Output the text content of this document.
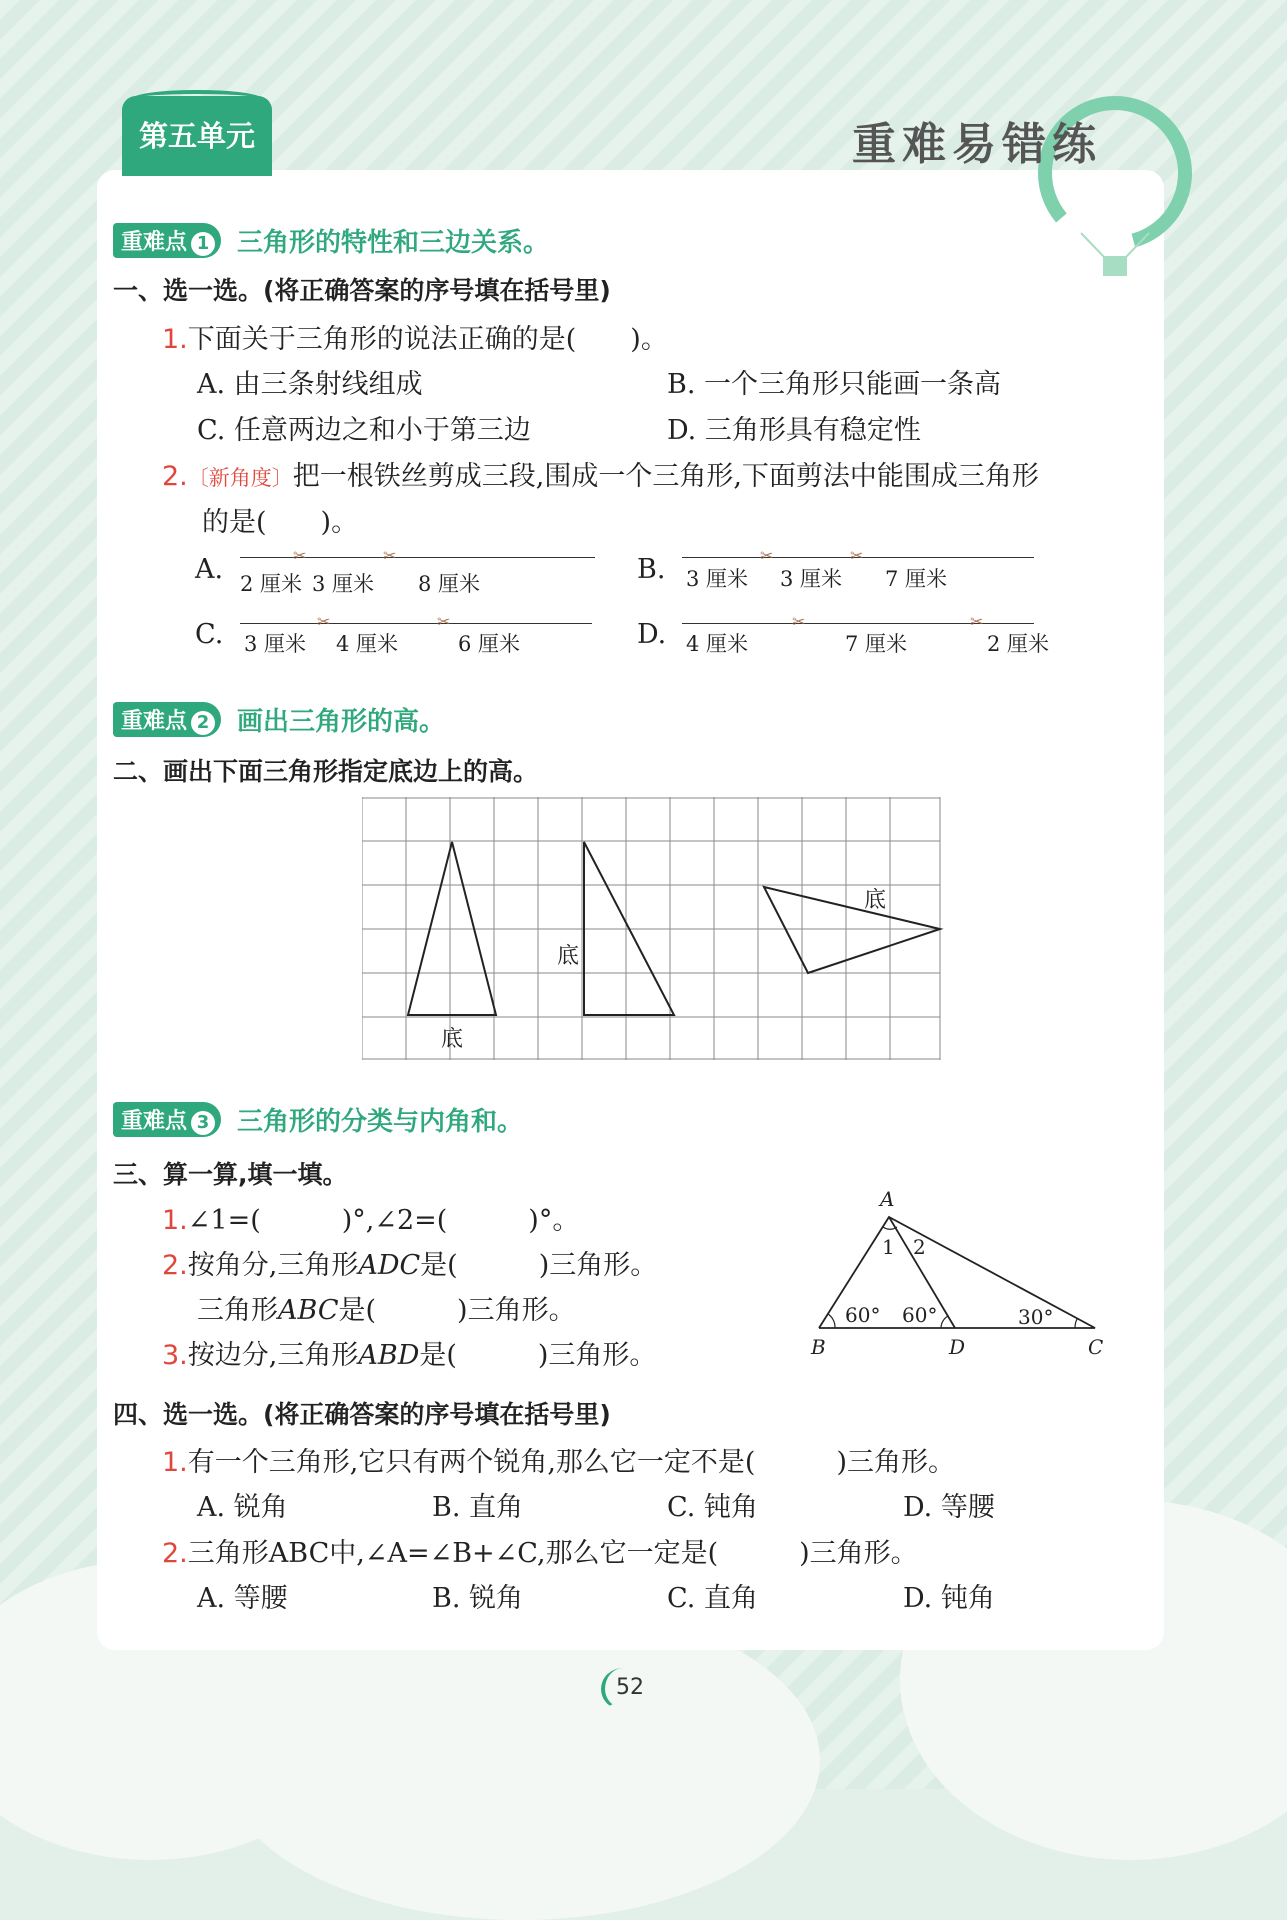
第五单元	重难易错练
重难点 1 三角形的特性和三边关系。
一、选一选。(将正确答案的序号填在括号里)
1.下面关于三角形的说法正确的是(　　)。
A. 由三条射线组成	B. 一个三角形只能画一条高
C. 任意两边之和小于第三边	D. 三角形具有稳定性
2.〔新角度〕把一根铁丝剪成三段,围成一个三角形,下面剪法中能围成三角形
的是(　　)。
A.	✂	✂
2 厘米 3 厘米 8 厘米	B.	✂	✂
3 厘米 3 厘米 7 厘米
C.	✂	✂
3 厘米 4 厘米	6 厘米	D.	✂	✂
4 厘米	7 厘米	2 厘米
重难点 2 画出三角形的高。
二、画出下面三角形指定底边上的高。
底
底
底
重难点 3 三角形的分类与内角和。
三、算一算,填一填。
1.∠1=(　　　)°,∠2=(　　　)°。
2.按角分,三角形ADC是(　　　)三角形。
三角形ABC是(　　　)三角形。
3.按边分,三角形ABD是(　　　)三角形。
A
B	D	C
1 2
60° 60°	30°
四、选一选。(将正确答案的序号填在括号里)
1.有一个三角形,它只有两个锐角,那么它一定不是(　　　)三角形。
A. 锐角	B. 直角	C. 钝角	D. 等腰
2.三角形ABC中,∠A=∠B+∠C,那么它一定是(　　　)三角形。
A. 等腰	B. 锐角	C. 直角	D. 钝角
52
